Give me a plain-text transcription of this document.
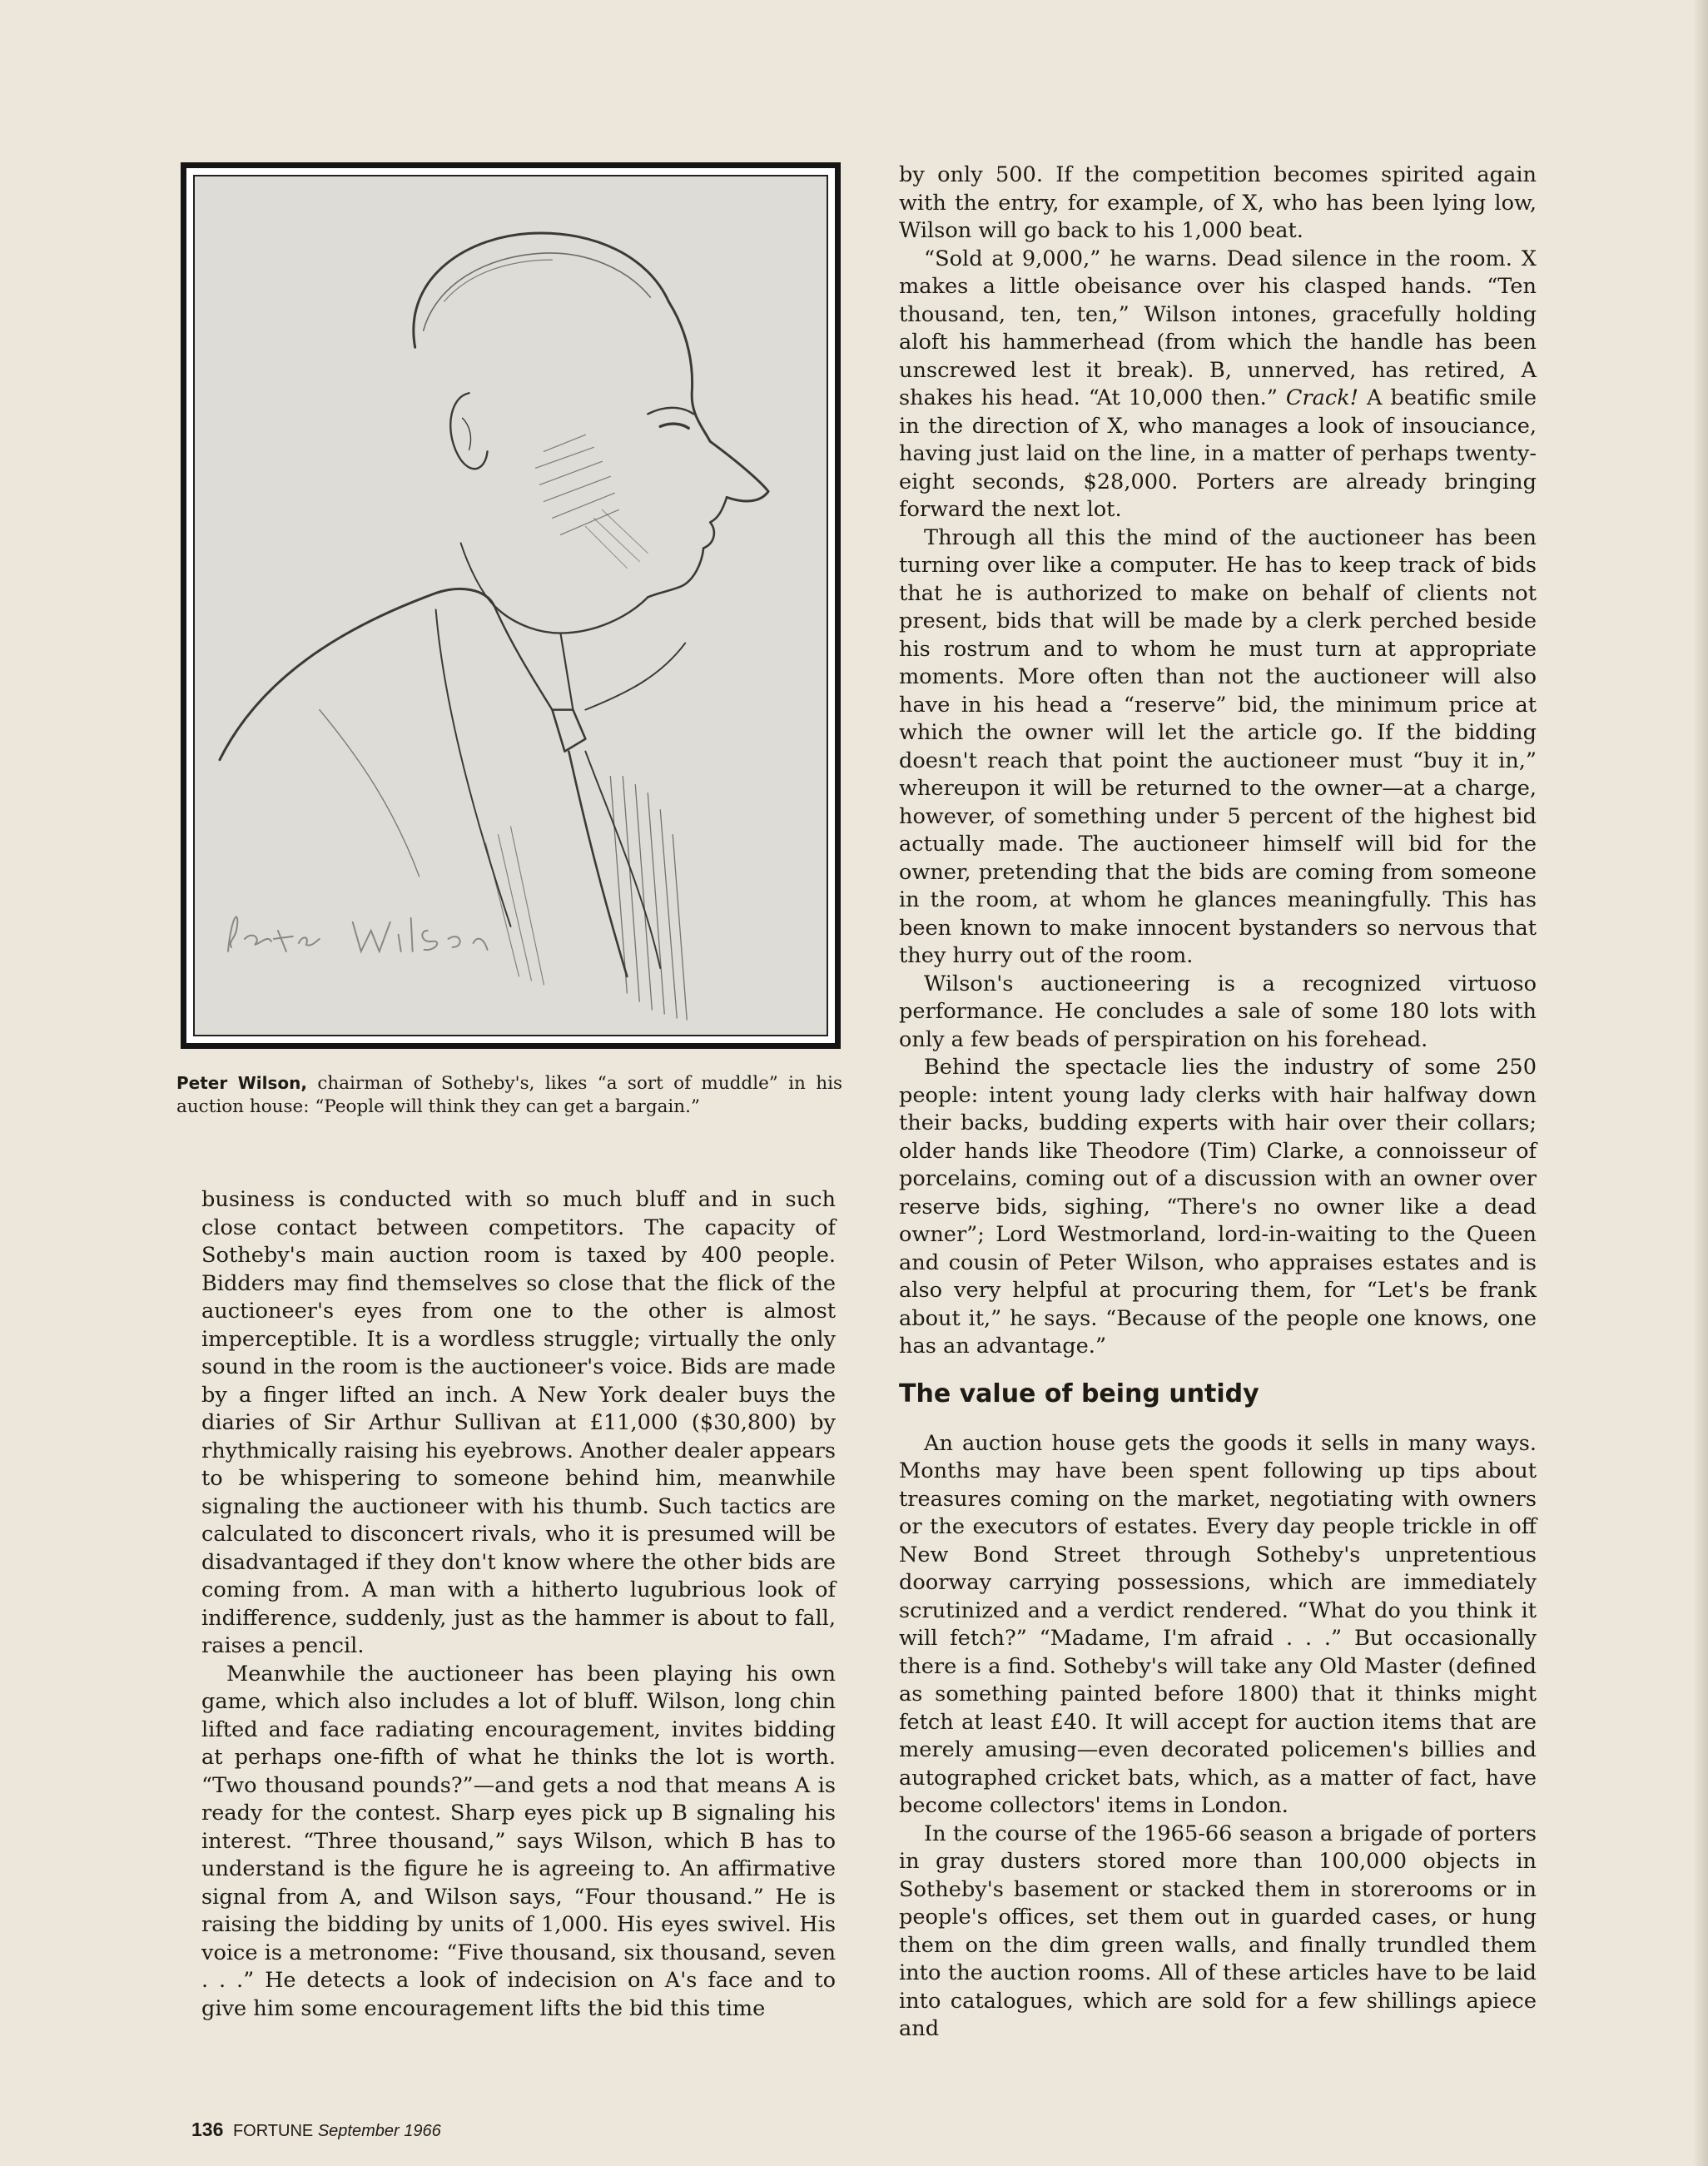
Peter Wilson, chairman of Sotheby's, likes “a sort of muddle” in his auction house: “People will think they can get a bargain.”

business is conducted with so much bluff and in such close contact between competitors. The capacity of Sotheby's main auction room is taxed by 400 people. Bidders may find themselves so close that the flick of the auctioneer's eyes from one to the other is almost imperceptible. It is a wordless struggle; virtually the only sound in the room is the auctioneer's voice. Bids are made by a finger lifted an inch. A New York dealer buys the diaries of Sir Arthur Sullivan at £11,000 ($30,800) by rhythmically raising his eyebrows. Another dealer appears to be whispering to someone behind him, meanwhile signaling the auctioneer with his thumb. Such tactics are calculated to disconcert rivals, who it is presumed will be disadvantaged if they don't know where the other bids are coming from. A man with a hitherto lugubrious look of indifference, suddenly, just as the hammer is about to fall, raises a pencil.

Meanwhile the auctioneer has been playing his own game, which also includes a lot of bluff. Wilson, long chin lifted and face radiating encouragement, invites bidding at perhaps one-fifth of what he thinks the lot is worth. “Two thousand pounds?”—and gets a nod that means A is ready for the contest. Sharp eyes pick up B signaling his interest. “Three thousand,” says Wilson, which B has to understand is the figure he is agreeing to. An affirmative signal from A, and Wilson says, “Four thousand.” He is raising the bidding by units of 1,000. His eyes swivel. His voice is a metronome: “Five thousand, six thousand, seven . . .” He detects a look of indecision on A's face and to give him some encouragement lifts the bid this time

by only 500. If the competition becomes spirited again with the entry, for example, of X, who has been lying low, Wilson will go back to his 1,000 beat.

“Sold at 9,000,” he warns. Dead silence in the room. X makes a little obeisance over his clasped hands. “Ten thousand, ten, ten,” Wilson intones, gracefully holding aloft his hammerhead (from which the handle has been unscrewed lest it break). B, unnerved, has retired, A shakes his head. “At 10,000 then.” Crack! A beatific smile in the direction of X, who manages a look of insouciance, having just laid on the line, in a matter of perhaps twenty-eight seconds, $28,000. Porters are already bringing forward the next lot.

Through all this the mind of the auctioneer has been turning over like a computer. He has to keep track of bids that he is authorized to make on behalf of clients not present, bids that will be made by a clerk perched beside his rostrum and to whom he must turn at appropriate moments. More often than not the auctioneer will also have in his head a “reserve” bid, the minimum price at which the owner will let the article go. If the bidding doesn't reach that point the auctioneer must “buy it in,” whereupon it will be returned to the owner—at a charge, however, of something under 5 percent of the highest bid actually made. The auctioneer himself will bid for the owner, pretending that the bids are coming from someone in the room, at whom he glances meaningfully. This has been known to make innocent bystanders so nervous that they hurry out of the room.

Wilson's auctioneering is a recognized virtuoso performance. He concludes a sale of some 180 lots with only a few beads of perspiration on his forehead.

Behind the spectacle lies the industry of some 250 people: intent young lady clerks with hair halfway down their backs, budding experts with hair over their collars; older hands like Theodore (Tim) Clarke, a connoisseur of porcelains, coming out of a discussion with an owner over reserve bids, sighing, “There's no owner like a dead owner”; Lord Westmorland, lord-in-waiting to the Queen and cousin of Peter Wilson, who appraises estates and is also very helpful at procuring them, for “Let's be frank about it,” he says. “Because of the people one knows, one has an advantage.”

The value of being untidy

An auction house gets the goods it sells in many ways. Months may have been spent following up tips about treasures coming on the market, negotiating with owners or the executors of estates. Every day people trickle in off New Bond Street through Sotheby's unpretentious doorway carrying possessions, which are immediately scrutinized and a verdict rendered. “What do you think it will fetch?” “Madame, I'm afraid . . .” But occasionally there is a find. Sotheby's will take any Old Master (defined as something painted before 1800) that it thinks might fetch at least £40. It will accept for auction items that are merely amusing—even decorated policemen's billies and autographed cricket bats, which, as a matter of fact, have become collectors' items in London.

In the course of the 1965-66 season a brigade of porters in gray dusters stored more than 100,000 objects in Sotheby's basement or stacked them in storerooms or in people's offices, set them out in guarded cases, or hung them on the dim green walls, and finally trundled them into the auction rooms. All of these articles have to be laid into catalogues, which are sold for a few shillings apiece and

136 FORTUNE September 1966
